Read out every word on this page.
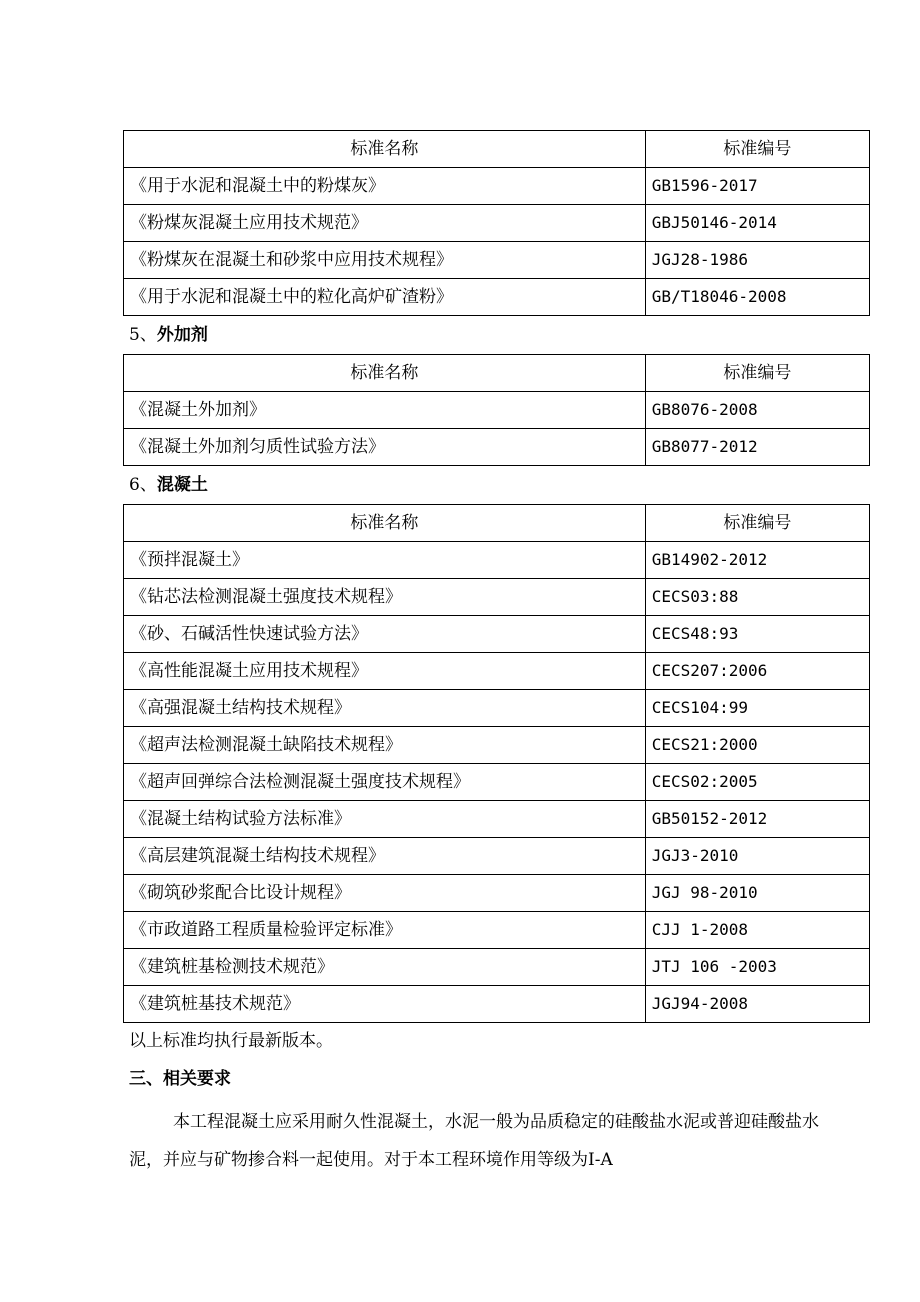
标准名称	标准编号
《用于水泥和混凝土中的粉煤灰》	GB1596-2017
《粉煤灰混凝土应用技术规范》	GBJ50146-2014
《粉煤灰在混凝土和砂浆中应用技术规程》	JGJ28-1986
《用于水泥和混凝土中的粒化高炉矿渣粉》	GB/T18046-2008
5、外加剂
标准名称	标准编号
《混凝土外加剂》	GB8076-2008
《混凝土外加剂匀质性试验方法》	GB8077-2012
6、混凝土
标准名称	标准编号
《预拌混凝土》	GB14902-2012
《钻芯法检测混凝土强度技术规程》	CECS03:88
《砂、石碱活性快速试验方法》	CECS48:93
《高性能混凝土应用技术规程》	CECS207:2006
《高强混凝土结构技术规程》	CECS104:99
《超声法检测混凝土缺陷技术规程》	CECS21:2000
《超声回弹综合法检测混凝土强度技术规程》	CECS02:2005
《混凝土结构试验方法标准》	GB50152-2012
《高层建筑混凝土结构技术规程》	JGJ3-2010
《砌筑砂浆配合比设计规程》	JGJ 98-2010
《市政道路工程质量检验评定标准》	CJJ 1-2008
《建筑桩基检测技术规范》	JTJ 106 -2003
《建筑桩基技术规范》	JGJ94-2008
以上标准均执行最新版本。
三、相关要求
本工程混凝土应采用耐久性混凝土，水泥一般为品质稳定的硅酸盐水泥或普迎硅酸盐水泥，并应与矿物掺合料一起使用。对于本工程环境作用等级为Ⅰ-A
